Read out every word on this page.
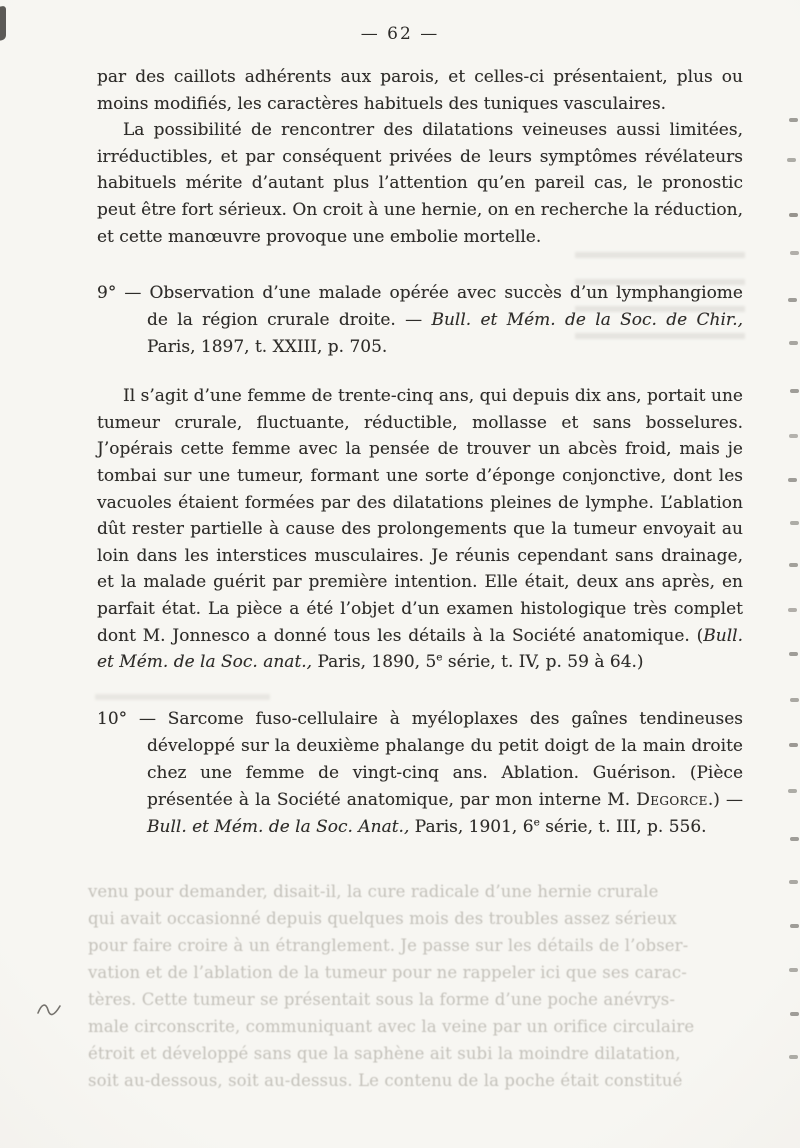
venu pour demander, disait-il, la cure radicale d’une hernie crurale
qui avait occasionné depuis quelques mois des troubles assez sérieux
pour faire croire à un étranglement. Je passe sur les détails de l’obser-
vation et de l’ablation de la tumeur pour ne rappeler ici que ses carac-
tères. Cette tumeur se présentait sous la forme d’une poche anévrys-
male circonscrite, communiquant avec la veine par un orifice circulaire
étroit et développé sans que la saphène ait subi la moindre dilatation,
soit au-dessous, soit au-dessus. Le contenu de la poche était constitué
— 62 —

par des caillots adhérents aux parois, et celles-ci présentaient, plus ou moins modifiés, les caractères habituels des tuniques vasculaires.

La possibilité de rencontrer des dilatations veineuses aussi limitées, irréductibles, et par conséquent privées de leurs symptômes révélateurs habituels mérite d’autant plus l’attention qu’en pareil cas, le pronostic peut être fort sérieux. On croit à une hernie, on en recherche la réduction, et cette manœuvre provoque une embolie mortelle.

9° — Observation d’une malade opérée avec succès d’un lymphangiome de la région crurale droite. — Bull. et Mém. de la Soc. de Chir., Paris, 1897, t. XXIII, p. 705.

Il s’agit d’une femme de trente-cinq ans, qui depuis dix ans, portait une tumeur crurale, fluctuante, réductible, mollasse et sans bosselures. J’opérais cette femme avec la pensée de trouver un abcès froid, mais je tombai sur une tumeur, formant une sorte d’éponge conjonctive, dont les vacuoles étaient formées par des dilatations pleines de lymphe. L’ablation dût rester partielle à cause des prolongements que la tumeur envoyait au loin dans les interstices musculaires. Je réunis cependant sans drainage, et la malade guérit par première intention. Elle était, deux ans après, en parfait état. La pièce a été l’objet d’un examen histologique très complet dont M. Jonnesco a donné tous les détails à la Société anatomique. (Bull. et Mém. de la Soc. anat., Paris, 1890, 5e série, t. IV, p. 59 à 64.)

10° — Sarcome fuso-cellulaire à myéloplaxes des gaînes tendineuses développé sur la deuxième phalange du petit doigt de la main droite chez une femme de vingt-cinq ans. Ablation. Guérison. (Pièce présentée à la Société anatomique, par mon interne M. Degorce.) — Bull. et Mém. de la Soc. Anat., Paris, 1901, 6e série, t. III, p. 556.
